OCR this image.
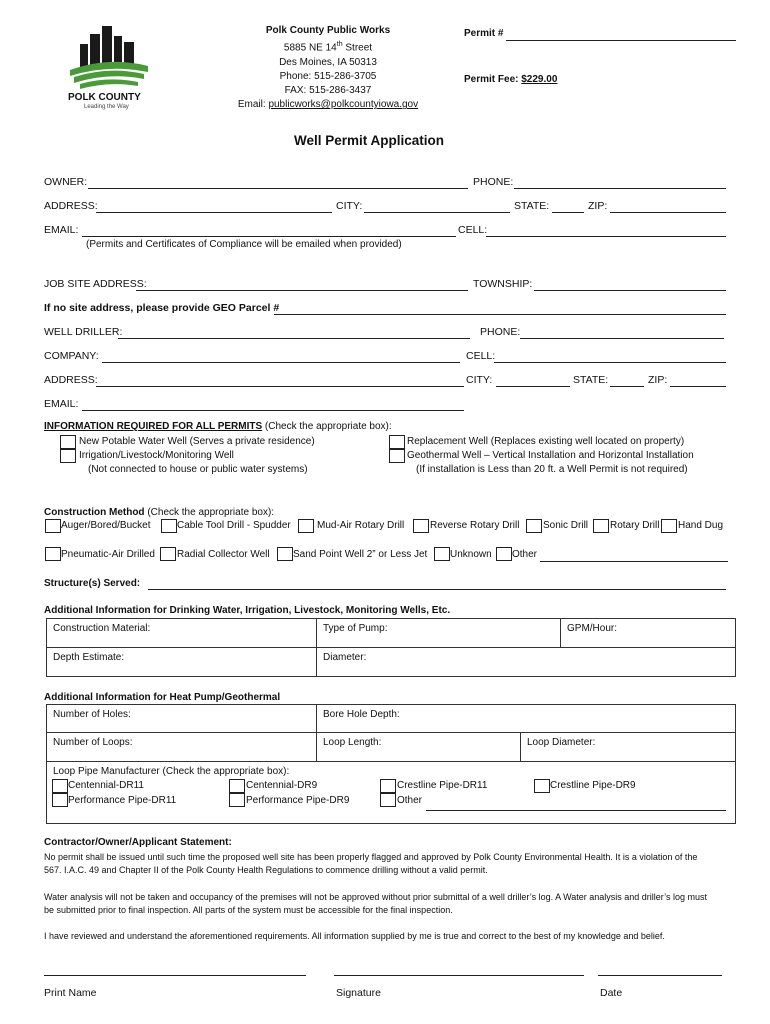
POLK COUNTY
Leading the Way
Polk County Public Works
5885 NE 14th Street
Des Moines, IA 50313
Phone: 515-286-3705
FAX: 515-286-3437
Email: publicworks@polkcountyiowa.gov
Permit #
Permit Fee: $229.00
Well Permit Application
OWNER:	PHONE:
ADDRESS:	CITY:	STATE:	ZIP:
EMAIL:	CELL:
(Permits and Certificates of Compliance will be emailed when provided)
JOB SITE ADDRESS:	TOWNSHIP:
If no site address, please provide GEO Parcel #
WELL DRILLER:	PHONE:
COMPANY:	CELL:
ADDRESS:	CITY:	STATE:	ZIP:
EMAIL:
INFORMATION REQUIRED FOR ALL PERMITS (Check the appropriate box):
New Potable Water Well (Serves a private residence)
Irrigation/Livestock/Monitoring Well
(Not connected to house or public water systems)
Replacement Well (Replaces existing well located on property)
Geothermal Well – Vertical Installation and Horizontal Installation
(If installation is Less than 20 ft. a Well Permit is not required)
Construction Method (Check the appropriate box):
Auger/Bored/Bucket	Cable Tool Drill - Spudder	Mud-Air Rotary Drill	Reverse Rotary Drill Sonic Drill Rotary Drill Hand Dug
Pneumatic-Air Drilled Radial Collector Well Sand Point Well 2” or Less Jet Unknown Other
Structure(s) Served:
Additional Information for Drinking Water, Irrigation, Livestock, Monitoring Wells, Etc.
Construction Material:	Type of Pump:	GPM/Hour:
Depth Estimate:	Diameter:	
Additional Information for Heat Pump/Geothermal
Number of Holes:	Bore Hole Depth:	
Number of Loops:	Loop Length:	Loop Diameter:

Loop Pipe Manufacturer (Check the appropriate box):		
Centennial-DR11	Centennial-DR9	Crestline Pipe-DR11	Crestline Pipe-DR9
Performance Pipe-DR11	Performance Pipe-DR9	Other
Contractor/Owner/Applicant Statement:
No permit shall be issued until such time the proposed well site has been properly flagged and approved by Polk County Environmental Health. It is a violation of the
567. I.A.C. 49 and Chapter II of the Polk County Health Regulations to commence drilling without a valid permit.
Water analysis will not be taken and occupancy of the premises will not be approved without prior submittal of a well driller’s log. A Water analysis and driller’s log must
be submitted prior to final inspection. All parts of the system must be accessible for the final inspection.
I have reviewed and understand the aforementioned requirements. All information supplied by me is true and correct to the best of my knowledge and belief.
Print Name	Signature	Date
